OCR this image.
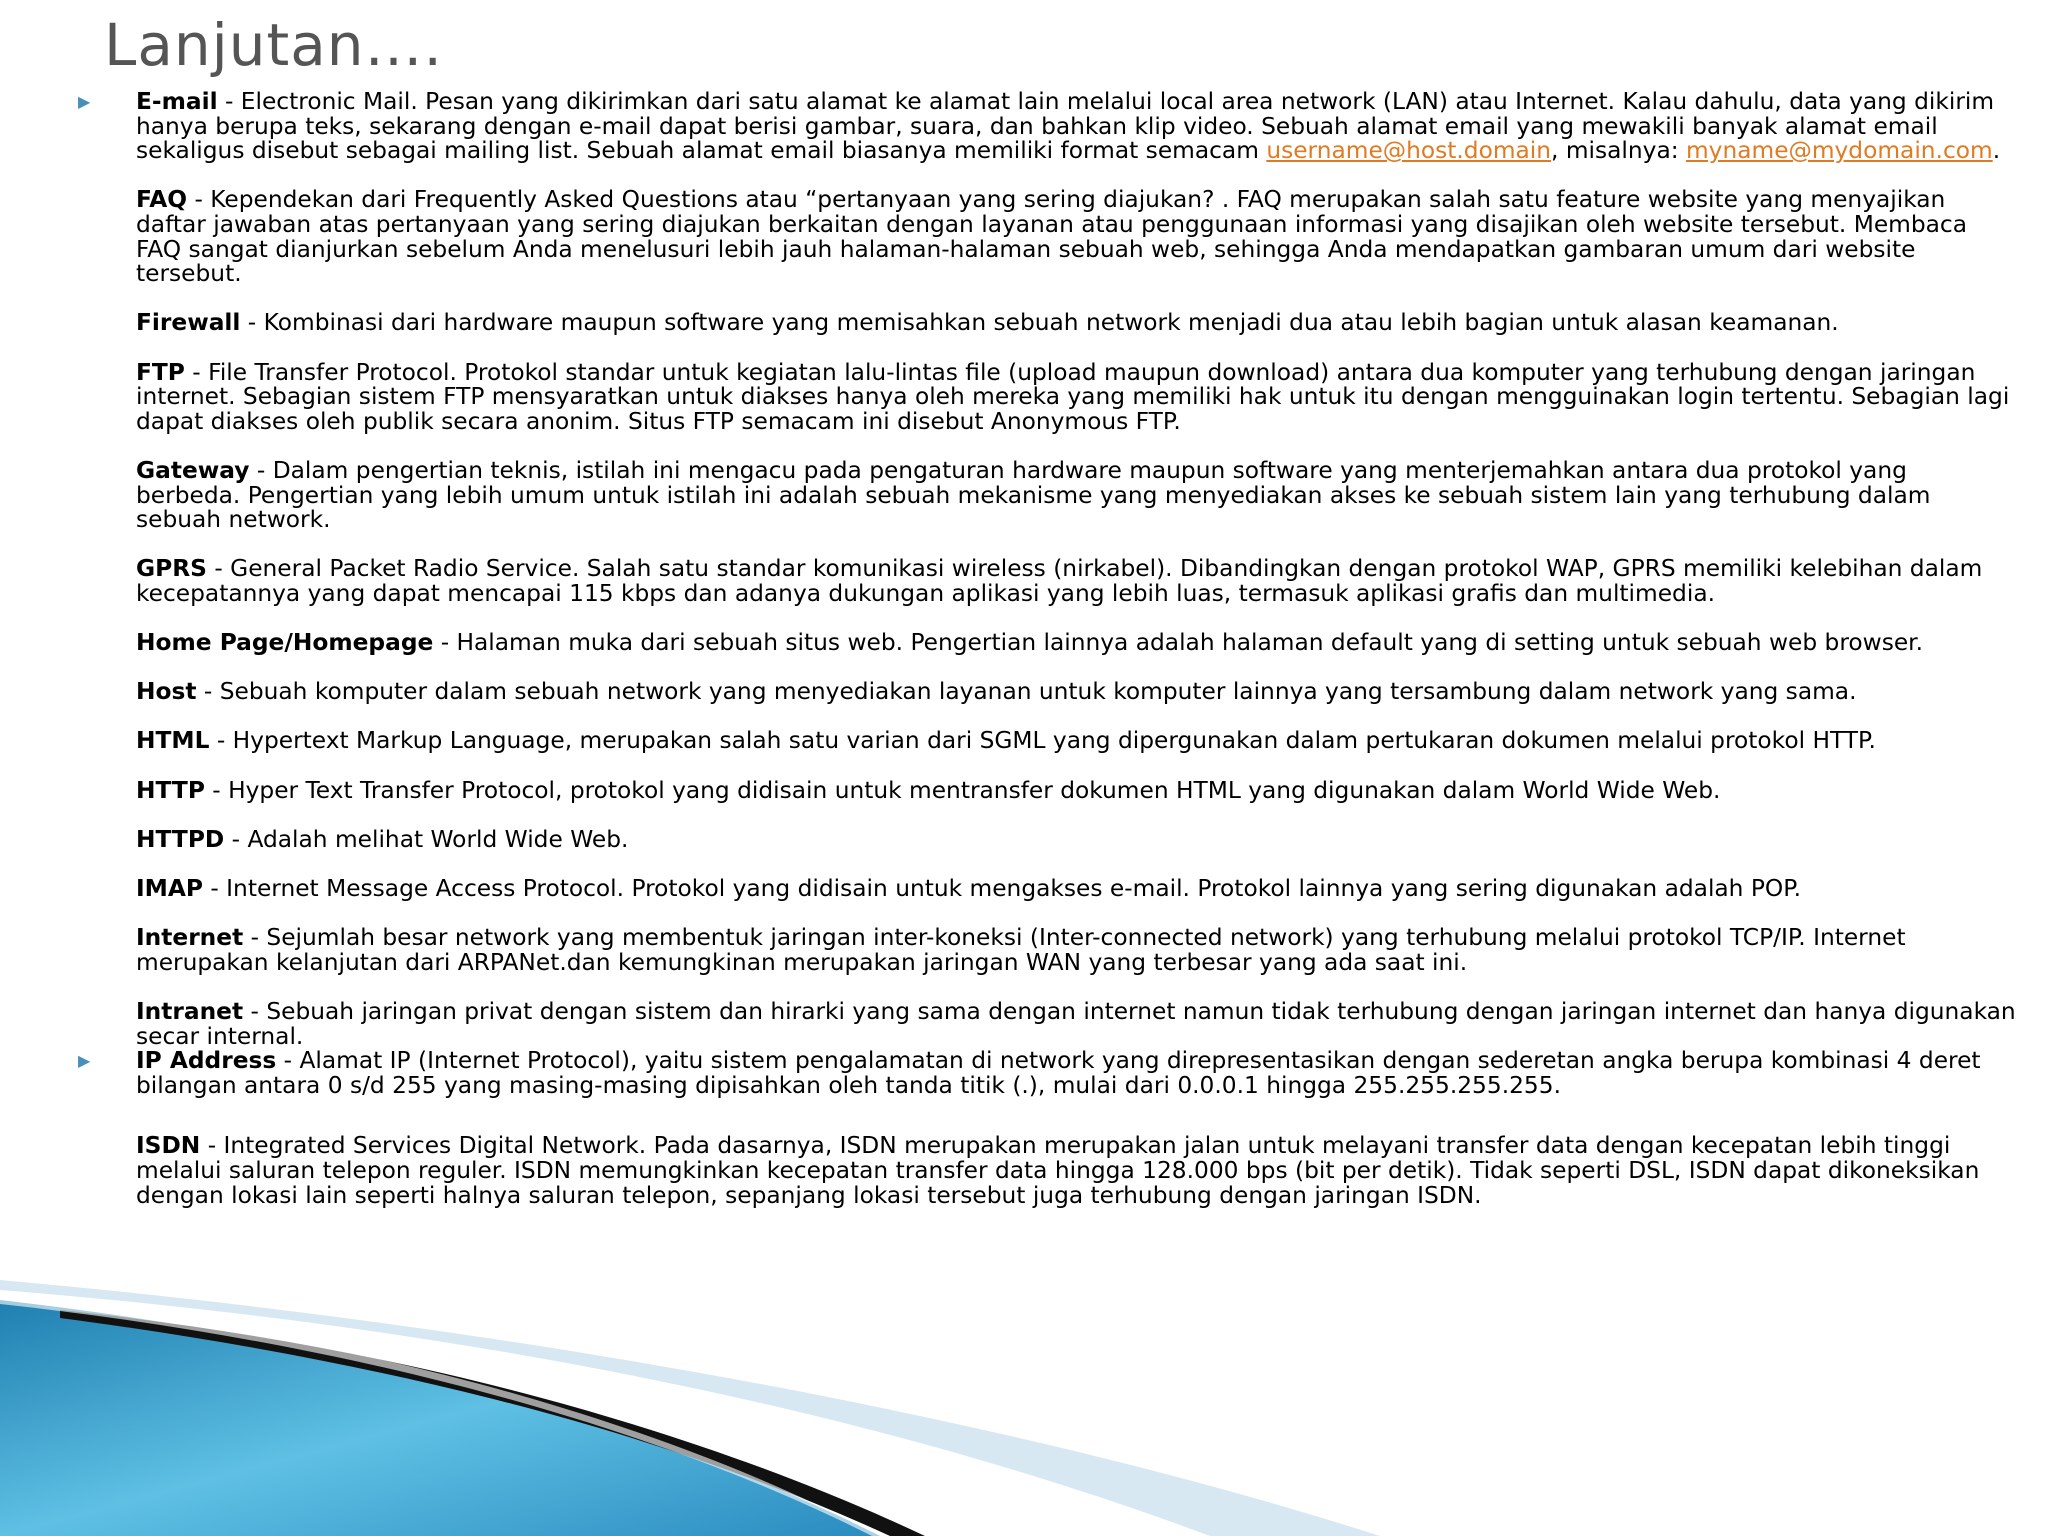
Lanjutan….

▶ E-mail - Electronic Mail. Pesan yang dikirimkan dari satu alamat ke alamat lain melalui local area network (LAN) atau Internet. Kalau dahulu, data yang dikirim hanya berupa teks, sekarang dengan e-mail dapat berisi gambar, suara, dan bahkan klip video. Sebuah alamat email yang mewakili banyak alamat email sekaligus disebut sebagai mailing list. Sebuah alamat email biasanya memiliki format semacam username@host.domain, misalnya: myname@mydomain.com.

FAQ - Kependekan dari Frequently Asked Questions atau “pertanyaan yang sering diajukan? . FAQ merupakan salah satu feature website yang menyajikan daftar jawaban atas pertanyaan yang sering diajukan berkaitan dengan layanan atau penggunaan informasi yang disajikan oleh website tersebut. Membaca FAQ sangat dianjurkan sebelum Anda menelusuri lebih jauh halaman-halaman sebuah web, sehingga Anda mendapatkan gambaran umum dari website tersebut.

Firewall - Kombinasi dari hardware maupun software yang memisahkan sebuah network menjadi dua atau lebih bagian untuk alasan keamanan.

FTP - File Transfer Protocol. Protokol standar untuk kegiatan lalu-lintas file (upload maupun download) antara dua komputer yang terhubung dengan jaringan internet. Sebagian sistem FTP mensyaratkan untuk diakses hanya oleh mereka yang memiliki hak untuk itu dengan mengguinakan login tertentu. Sebagian lagi dapat diakses oleh publik secara anonim. Situs FTP semacam ini disebut Anonymous FTP.

Gateway - Dalam pengertian teknis, istilah ini mengacu pada pengaturan hardware maupun software yang menterjemahkan antara dua protokol yang berbeda. Pengertian yang lebih umum untuk istilah ini adalah sebuah mekanisme yang menyediakan akses ke sebuah sistem lain yang terhubung dalam sebuah network.

GPRS - General Packet Radio Service. Salah satu standar komunikasi wireless (nirkabel). Dibandingkan dengan protokol WAP, GPRS memiliki kelebihan dalam kecepatannya yang dapat mencapai 115 kbps dan adanya dukungan aplikasi yang lebih luas, termasuk aplikasi grafis dan multimedia.

Home Page/Homepage - Halaman muka dari sebuah situs web. Pengertian lainnya adalah halaman default yang di setting untuk sebuah web browser.

Host - Sebuah komputer dalam sebuah network yang menyediakan layanan untuk komputer lainnya yang tersambung dalam network yang sama.

HTML - Hypertext Markup Language, merupakan salah satu varian dari SGML yang dipergunakan dalam pertukaran dokumen melalui protokol HTTP.

HTTP - Hyper Text Transfer Protocol, protokol yang didisain untuk mentransfer dokumen HTML yang digunakan dalam World Wide Web.

HTTPD - Adalah melihat World Wide Web.

IMAP - Internet Message Access Protocol. Protokol yang didisain untuk mengakses e-mail. Protokol lainnya yang sering digunakan adalah POP.

Internet - Sejumlah besar network yang membentuk jaringan inter-koneksi (Inter-connected network) yang terhubung melalui protokol TCP/IP. Internet merupakan kelanjutan dari ARPANet.dan kemungkinan merupakan jaringan WAN yang terbesar yang ada saat ini.

Intranet - Sebuah jaringan privat dengan sistem dan hirarki yang sama dengan internet namun tidak terhubung dengan jaringan internet dan hanya digunakan secar internal.

▶ IP Address - Alamat IP (Internet Protocol), yaitu sistem pengalamatan di network yang direpresentasikan dengan sederetan angka berupa kombinasi 4 deret bilangan antara 0 s/d 255 yang masing-masing dipisahkan oleh tanda titik (.), mulai dari 0.0.0.1 hingga 255.255.255.255.

ISDN - Integrated Services Digital Network. Pada dasarnya, ISDN merupakan merupakan jalan untuk melayani transfer data dengan kecepatan lebih tinggi melalui saluran telepon reguler. ISDN memungkinkan kecepatan transfer data hingga 128.000 bps (bit per detik). Tidak seperti DSL, ISDN dapat dikoneksikan dengan lokasi lain seperti halnya saluran telepon, sepanjang lokasi tersebut juga terhubung dengan jaringan ISDN.
